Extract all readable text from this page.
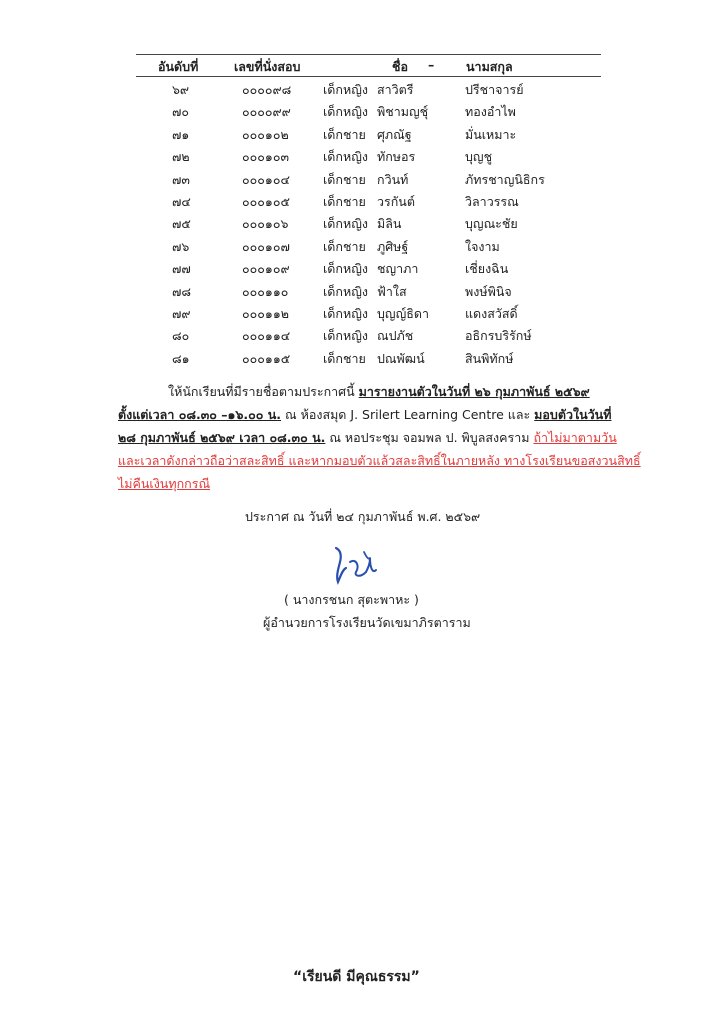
อันดับที่	เลขที่นั่งสอบ	ชื่อ –	นามสกุล
๖๙	๐๐๐๐๙๘	เด็กหญิง สาวิตรี	ปรีชาจารย์
๗๐	๐๐๐๐๙๙	เด็กหญิง พิชามญชุ์	ทองอำไพ
๗๑	๐๐๐๑๐๒	เด็กชาย ศุภณัฐ	มั่นเหมาะ
๗๒	๐๐๐๑๐๓	เด็กหญิง ทักษอร	บุญชู
๗๓	๐๐๐๑๐๔	เด็กชาย กวินท์	ภัทรชาญนิธิกร
๗๔	๐๐๐๑๐๕	เด็กชาย วรกันต์	วิลาวรรณ
๗๕	๐๐๐๑๐๖	เด็กหญิง มิลิน	บุญณะชัย
๗๖	๐๐๐๑๐๗	เด็กชาย ภูศิษฐ์	ใจงาม
๗๗	๐๐๐๑๐๙	เด็กหญิง ชญาภา	เชี่ยงฉิน
๗๘	๐๐๐๑๑๐	เด็กหญิง ฟ้าใส	พงษ์พินิจ
๗๙	๐๐๐๑๑๒	เด็กหญิง บุญญ์ธิดา	แดงสวัสดิ์
๘๐	๐๐๐๑๑๔	เด็กหญิง ณปภัช	อธิกรบริรักษ์
๘๑	๐๐๐๑๑๕	เด็กชาย ปณพัฒน์	สินพิทักษ์
ให้นักเรียนที่มีรายชื่อตามประกาศนี้ มารายงานตัวในวันที่ ๒๖ กุมภาพันธ์ ๒๕๖๙
ตั้งแต่เวลา ๐๘.๓๐ –๑๖.๐๐ น. ณ ห้องสมุด J. Srilert Learning Centre และ มอบตัวในวันที่
๒๘ กุมภาพันธ์ ๒๕๖๙ เวลา ๐๘.๓๐ น. ณ หอประชุม จอมพล ป. พิบูลสงคราม ถ้าไม่มาตามวัน
และเวลาดังกล่าวถือว่าสละสิทธิ์ และหากมอบตัวแล้วสละสิทธิ์ในภายหลัง ทางโรงเรียนขอสงวนสิทธิ์
ไม่คืนเงินทุกกรณี
ประกาศ ณ วันที่ ๒๔ กุมภาพันธ์ พ.ศ. ๒๕๖๙
( นางกรชนก สุตะพาหะ )
ผู้อำนวยการโรงเรียนวัดเขมาภิรตาราม
“เรียนดี มีคุณธรรม”
